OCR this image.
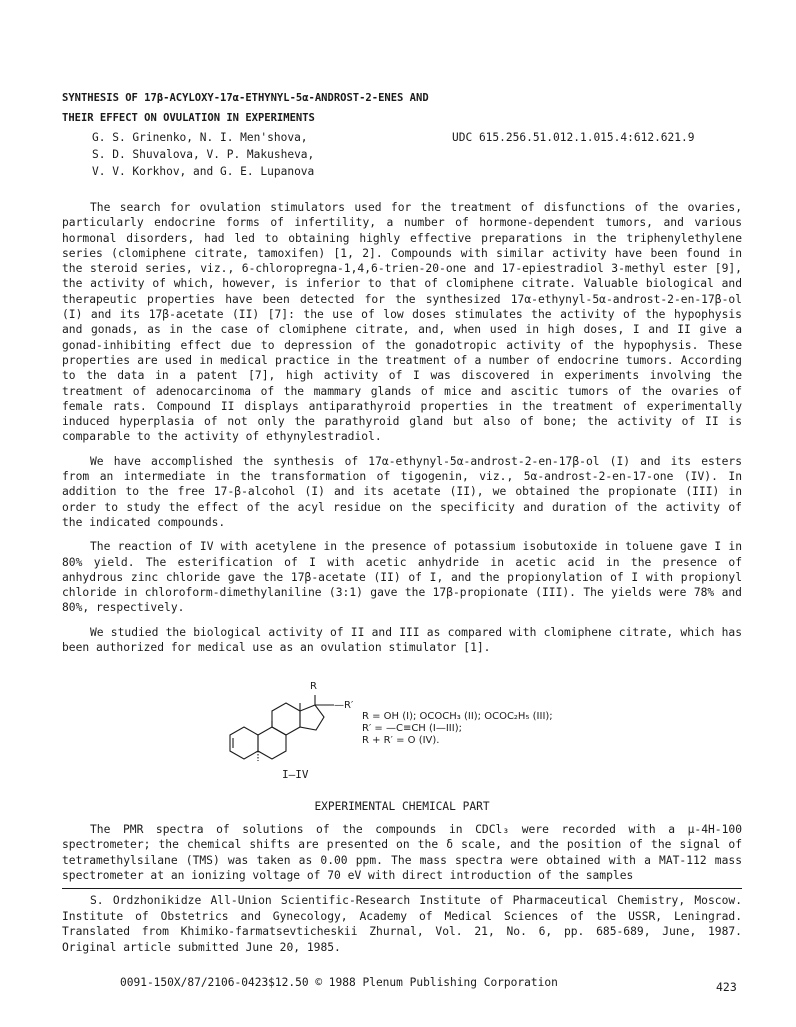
SYNTHESIS OF 17β-ACYLOXY-17α-ETHYNYL-5α-ANDROST-2-ENES AND
THEIR EFFECT ON OVULATION IN EXPERIMENTS
G. S. Grinenko, N. I. Men'shova,
S. D. Shuvalova, V. P. Makusheva,
V. V. Korkhov, and G. E. Lupanova
UDC 615.256.51.012.1.015.4:612.621.9

The search for ovulation stimulators used for the treatment of disfunctions of the ovaries, particularly endocrine forms of infertility, a number of hormone-dependent tumors, and various hormonal disorders, had led to obtaining highly effective preparations in the triphenylethylene series (clomiphene citrate, tamoxifen) [1, 2]. Compounds with similar activity have been found in the steroid series, viz., 6-chloropregna-1,4,6-trien-20-one and 17-epiestradiol 3-methyl ester [9], the activity of which, however, is inferior to that of clomiphene citrate. Valuable biological and therapeutic properties have been detected for the synthesized 17α-ethynyl-5α-androst-2-en-17β-ol (I) and its 17β-acetate (II) [7]: the use of low doses stimulates the activity of the hypophysis and gonads, as in the case of clomiphene citrate, and, when used in high doses, I and II give a gonad-inhibiting effect due to depression of the gonadotropic activity of the hypophysis. These properties are used in medical practice in the treatment of a number of endocrine tumors. According to the data in a patent [7], high activity of I was discovered in experiments involving the treatment of adenocarcinoma of the mammary glands of mice and ascitic tumors of the ovaries of female rats. Compound II displays antiparathyroid properties in the treatment of experimentally induced hyperplasia of not only the parathyroid gland but also of bone; the activity of II is comparable to the activity of ethynylestradiol.

We have accomplished the synthesis of 17α-ethynyl-5α-androst-2-en-17β-ol (I) and its esters from an intermediate in the transformation of tigogenin, viz., 5α-androst-2-en-17-one (IV). In addition to the free 17-β-alcohol (I) and its acetate (II), we obtained the propionate (III) in order to study the effect of the acyl residue on the specificity and duration of the activity of the indicated compounds.

The reaction of IV with acetylene in the presence of potassium isobutoxide in toluene gave I in 80% yield. The esterification of I with acetic anhydride in acetic acid in the presence of anhydrous zinc chloride gave the 17β-acetate (II) of I, and the propionylation of I with propionyl chloride in chloroform-dimethylaniline (3:1) gave the 17β-propionate (III). The yields were 78% and 80%, respectively.

We studied the biological activity of II and III as compared with clomiphene citrate, which has been authorized for medical use as an ovulation stimulator [1].

R
—R′
R = OH (I); OCOCH₃ (II); OCOC₂H₅ (III);
R′ = —C≡CH (I—III);
R + R′ = O (IV).
I—IV
EXPERIMENTAL CHEMICAL PART

The PMR spectra of solutions of the compounds in CDCl₃ were recorded with a μ-4H-100 spectrometer; the chemical shifts are presented on the δ scale, and the position of the signal of tetramethylsilane (TMS) was taken as 0.00 ppm. The mass spectra were obtained with a MAT-112 mass spectrometer at an ionizing voltage of 70 eV with direct introduction of the samples

S. Ordzhonikidze All-Union Scientific-Research Institute of Pharmaceutical Chemistry, Moscow. Institute of Obstetrics and Gynecology, Academy of Medical Sciences of the USSR, Leningrad. Translated from Khimiko-farmatsevticheskii Zhurnal, Vol. 21, No. 6, pp. 685-689, June, 1987. Original article submitted June 20, 1985.

0091-150X/87/2106-0423$12.50 © 1988 Plenum Publishing Corporation	423
